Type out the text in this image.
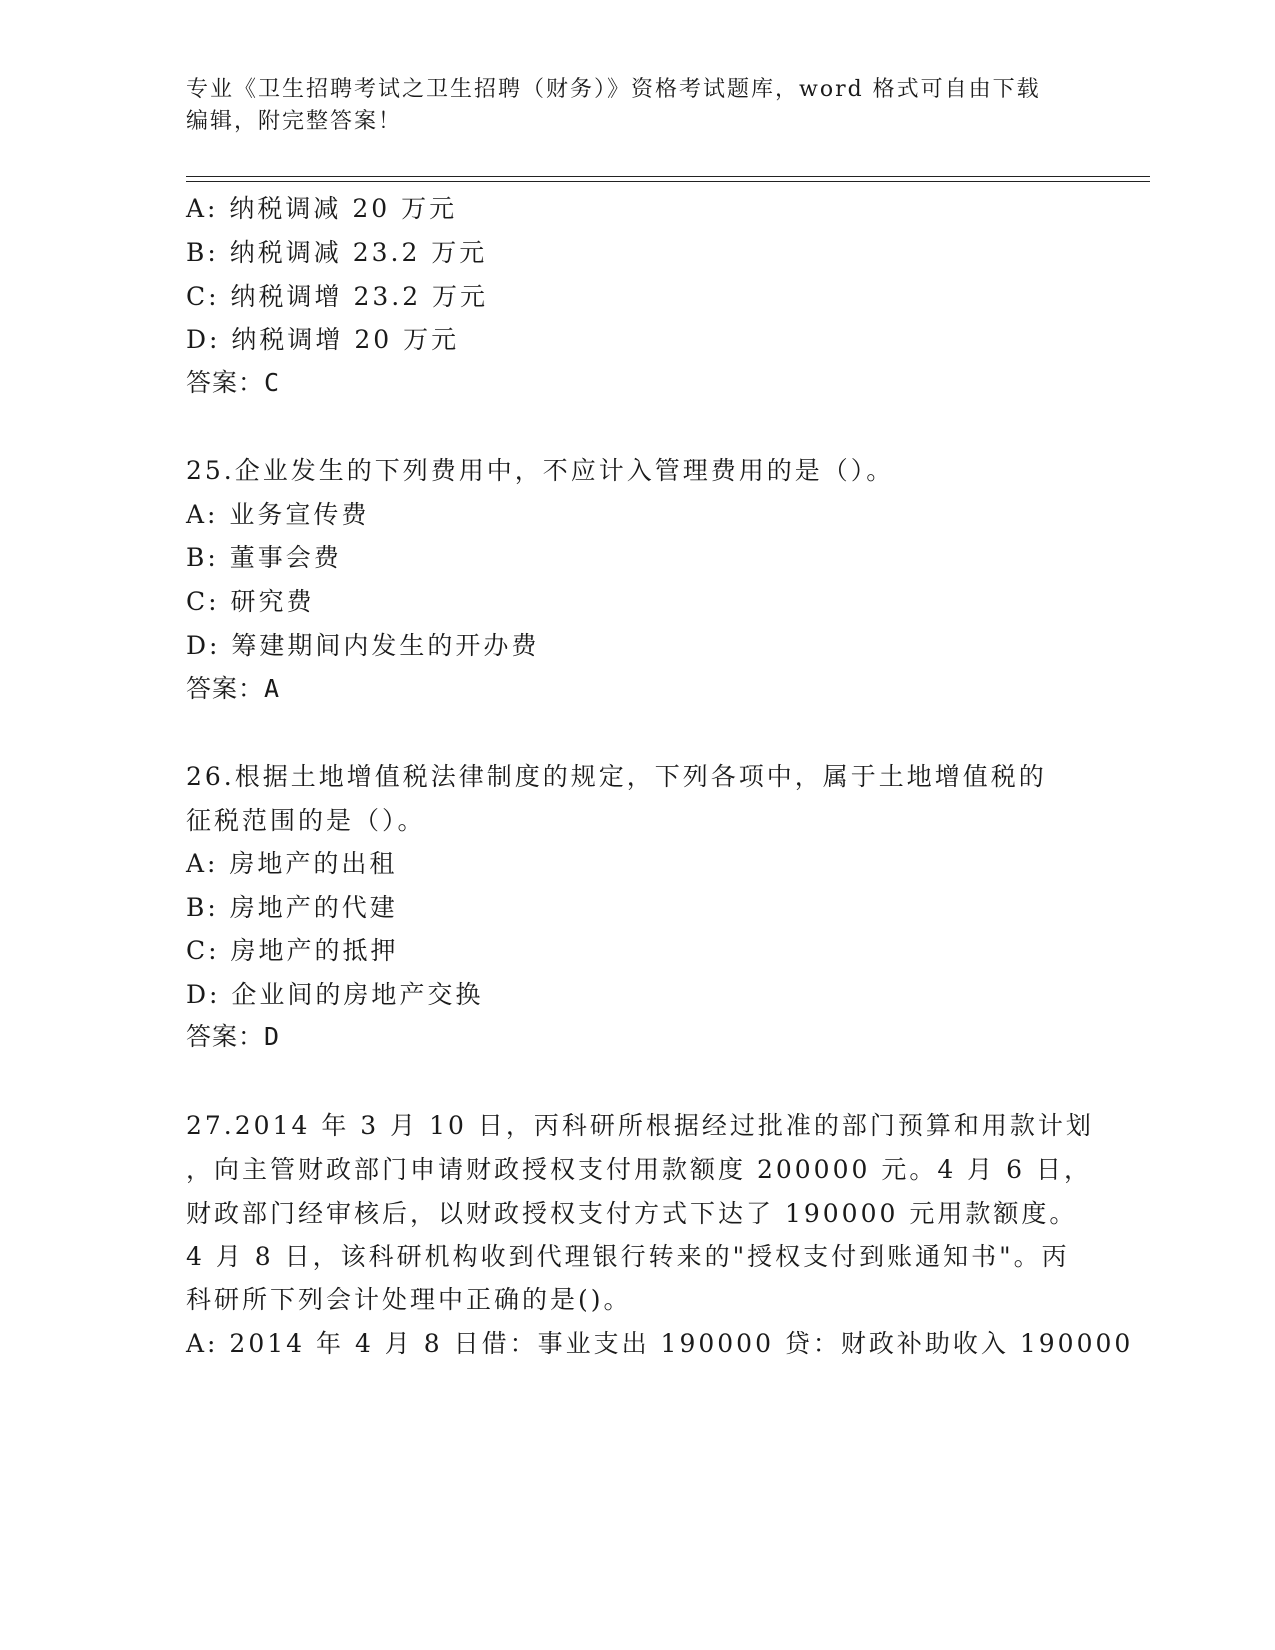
专业《卫生招聘考试之卫生招聘（财务）》资格考试题库，word 格式可自由下载
编辑，附完整答案！
A: 纳税调减 20 万元
B: 纳税调减 23.2 万元
C: 纳税调增 23.2 万元
D: 纳税调增 20 万元
答案：C
25.企业发生的下列费用中，不应计入管理费用的是（）。
A: 业务宣传费
B: 董事会费
C: 研究费
D: 筹建期间内发生的开办费
答案：A
26.根据土地增值税法律制度的规定，下列各项中，属于土地增值税的
征税范围的是（）。
A: 房地产的出租
B: 房地产的代建
C: 房地产的抵押
D: 企业间的房地产交换
答案：D
27.2014 年 3 月 10 日，丙科研所根据经过批准的部门预算和用款计划
，向主管财政部门申请财政授权支付用款额度 200000 元。4 月 6 日，
财政部门经审核后，以财政授权支付方式下达了 190000 元用款额度。
4 月 8 日，该科研机构收到代理银行转来的"授权支付到账通知书"。丙
科研所下列会计处理中正确的是()。
A: 2014 年 4 月 8 日借：事业支出 190000 贷：财政补助收入 190000
